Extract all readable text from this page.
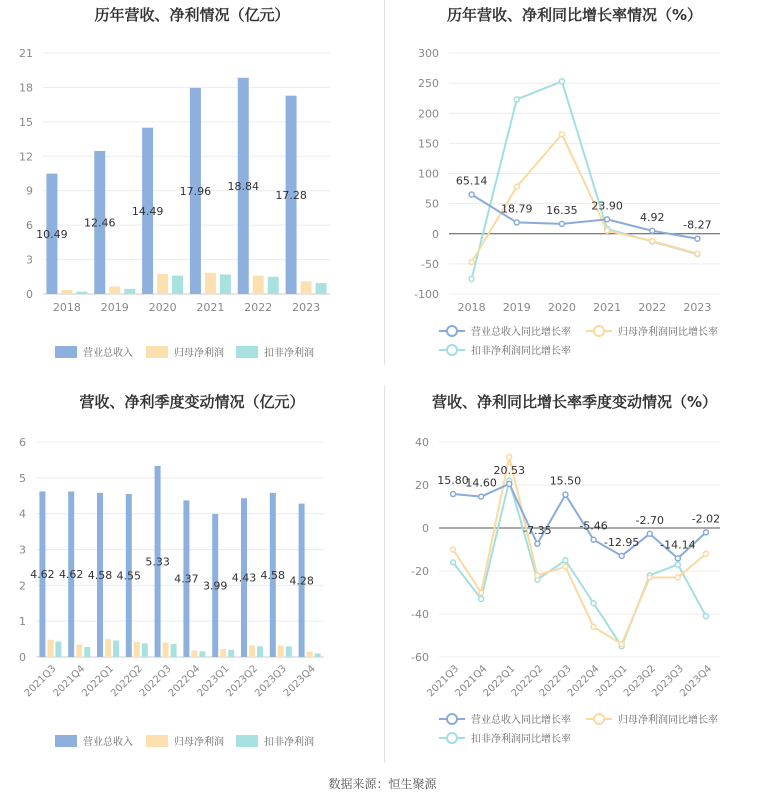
历年营收、净利情况（亿元）
0
3
6
9
12
15
18
21
10.49
2018
12.46
2019
14.49
2020
17.96
2021
18.84
2022
17.28
2023
营业总收入	归母净利润	扣非净利润
历年营收、净利同比增长率情况（%）
-100
-50
0
50
100
150
200
250
300
2018 2019 2020 2021 2022 2023
65.14
18.79 16.35 23.90
4.92
-8.27
营业总收入同比增长率	归母净利润同比增长率
扣非净利润同比增长率
营收、净利季度变动情况（亿元）
0
1
2
3
4
5
6
4.62
2021Q3
4.62
2021Q4
4.58
2022Q1
4.55
2022Q2
5.33
2022Q3
4.37
2022Q4
3.99
2023Q1
4.43
2023Q2
4.58
2023Q3
4.28
2023Q4
营业总收入	归母净利润	扣非净利润
营收、净利同比增长率季度变动情况（%）
-60
-40
-20
0
20
40
2021Q3
2021Q4
2022Q1
2022Q2
2022Q3
2022Q4
2023Q1
2023Q2
2023Q3
2023Q4
15.80
14.60
20.53
-7.35
15.50
-5.46
-12.95
-2.70
-14.14
-2.02
营业总收入同比增长率	归母净利润同比增长率
扣非净利润同比增长率
数据来源：恒生聚源
